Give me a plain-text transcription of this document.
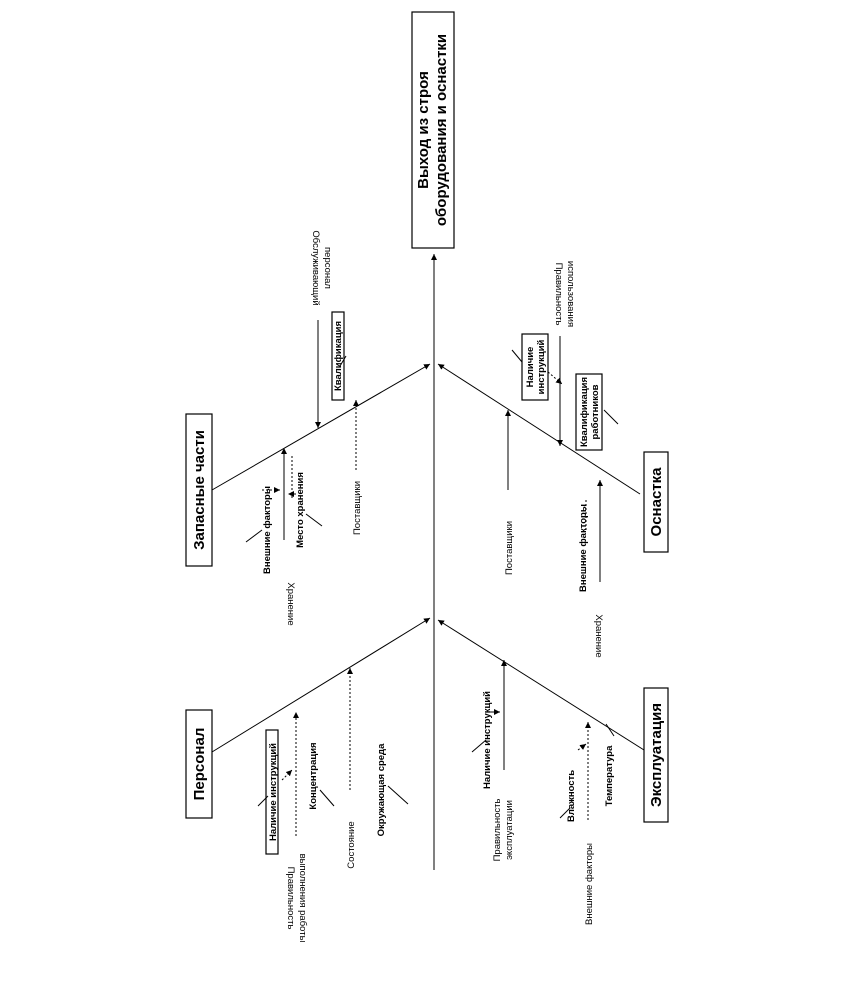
Выход из строя оборудования и оснастки
Запасные части	Оснастка
Персонал	Эксплуатация
Обслуживающий персонал
Квалификация
Поставщики
Хранение
Внешние факторы Место хранения
Наличие инструкций
Правильность использования
Квалификация работников
Поставщики	Внешние факторы
Хранение
Наличие инструкций
Правильность выполнения работы
Концентрация
Состояние
Окружающая среда
Наличие инструкций
Правильность эксплуатации
Влажность
Внешние факторы
Температура
